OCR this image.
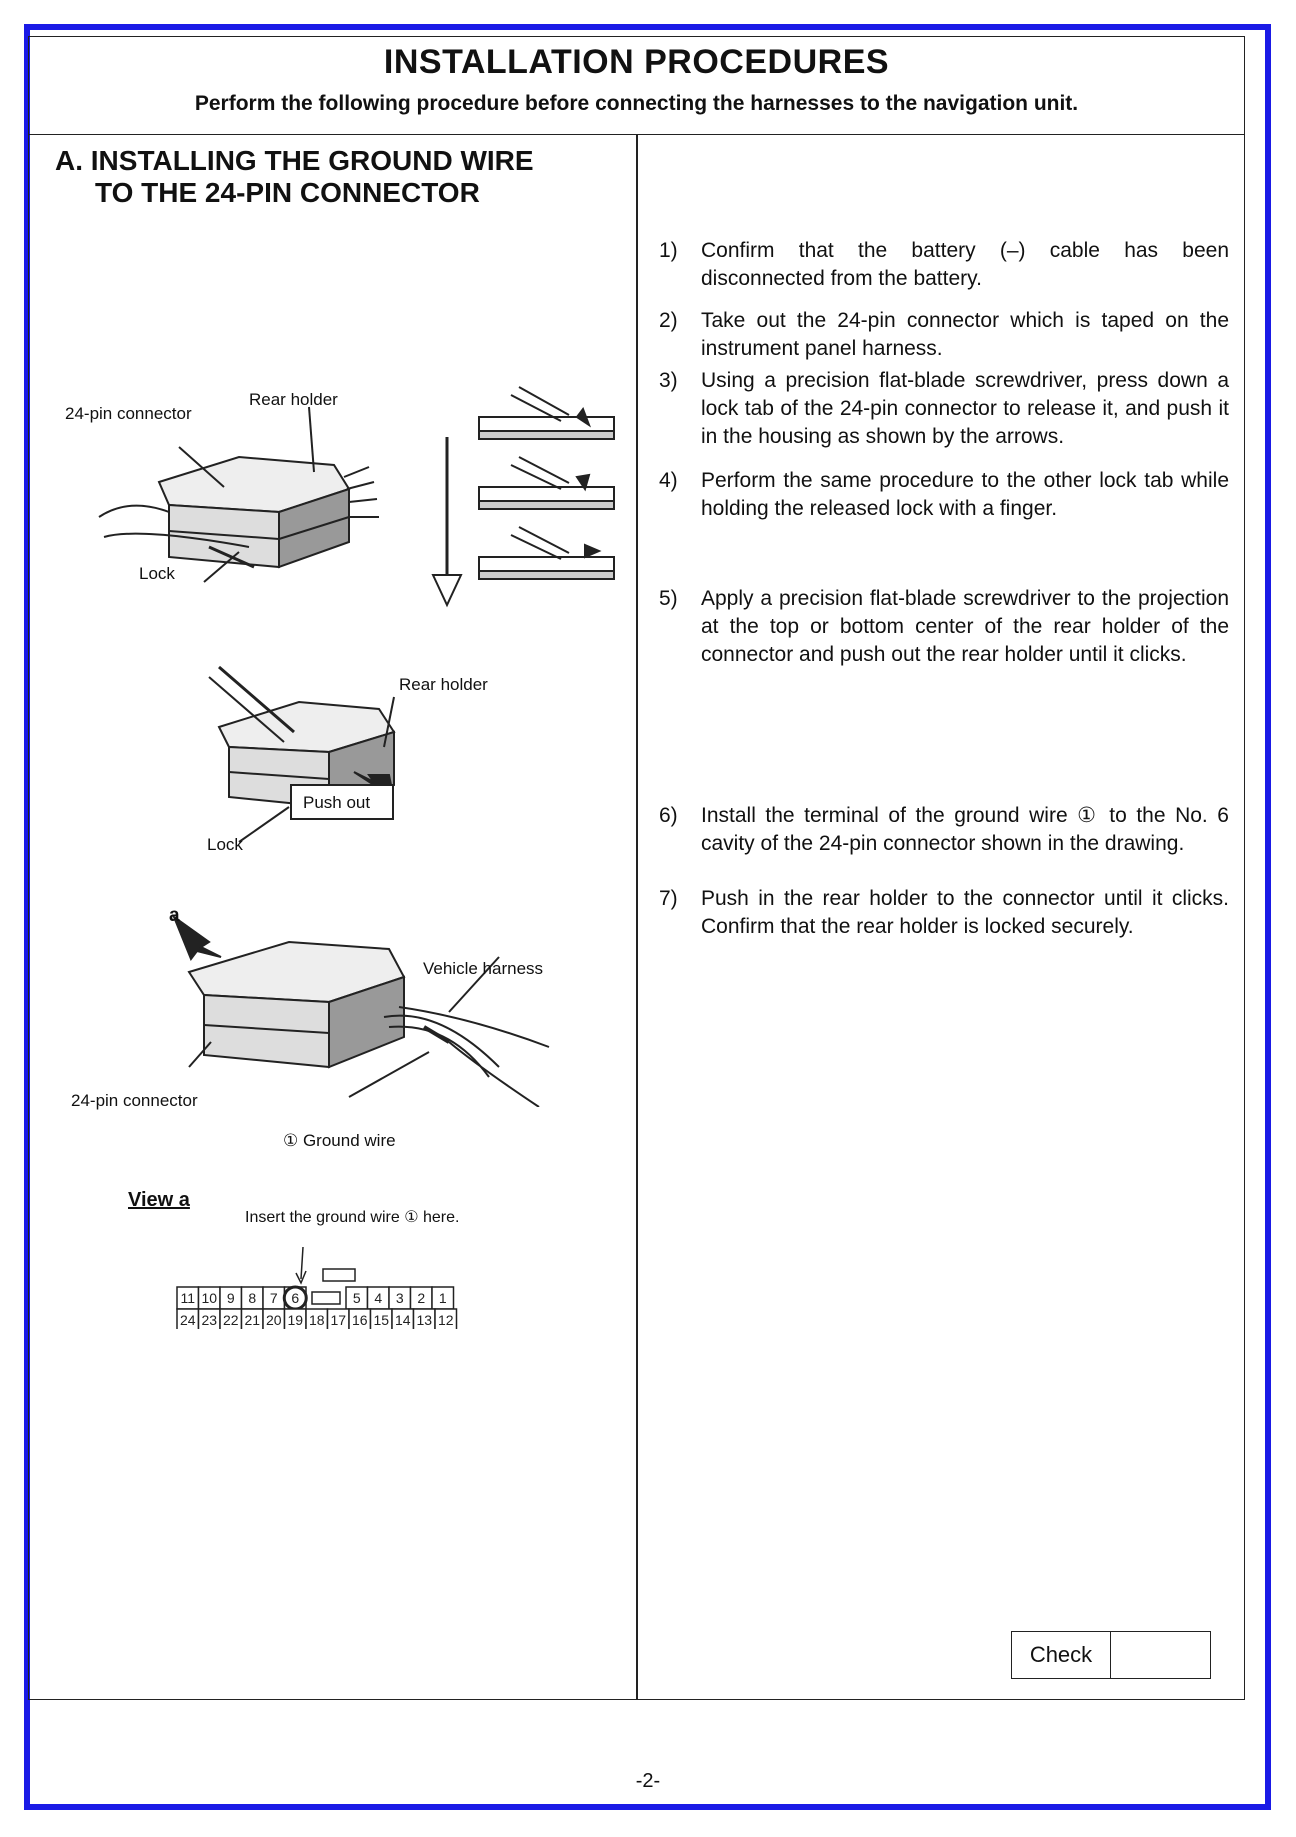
INSTALLATION PROCEDURES
Perform the following procedure before connecting the harnesses to the navigation unit.
A. INSTALLING THE GROUND WIRE
TO THE 24-PIN CONNECTOR
24-pin connector
Rear holder
Lock
Rear holder
Push out
Lock
a
Vehicle harness
24-pin connector
① Ground wire
View a
Insert the ground wire ① here.
11 10 9 8 7 6	5 4 3 2 1
24 23 22 21 20 19 18 17 16 15 14 13 12
1)	Confirm that the battery (–) cable has been disconnected from the battery.
2)	Take out the 24-pin connector which is taped on the instrument panel harness.
3)	Using a precision flat-blade screwdriver, press down a lock tab of the 24-pin connector to release it, and push it in the housing as shown by the arrows.
4)	Perform the same procedure to the other lock tab while holding the released lock with a finger.
5)	Apply a precision flat-blade screwdriver to the projection at the top or bottom center of the rear holder of the connector and push out the rear holder until it clicks.
6)	Install the terminal of the ground wire ① to the No. 6 cavity of the 24-pin connector shown in the drawing.
7)	Push in the rear holder to the connector until it clicks. Confirm that the rear holder is locked securely.
Check
-2-
